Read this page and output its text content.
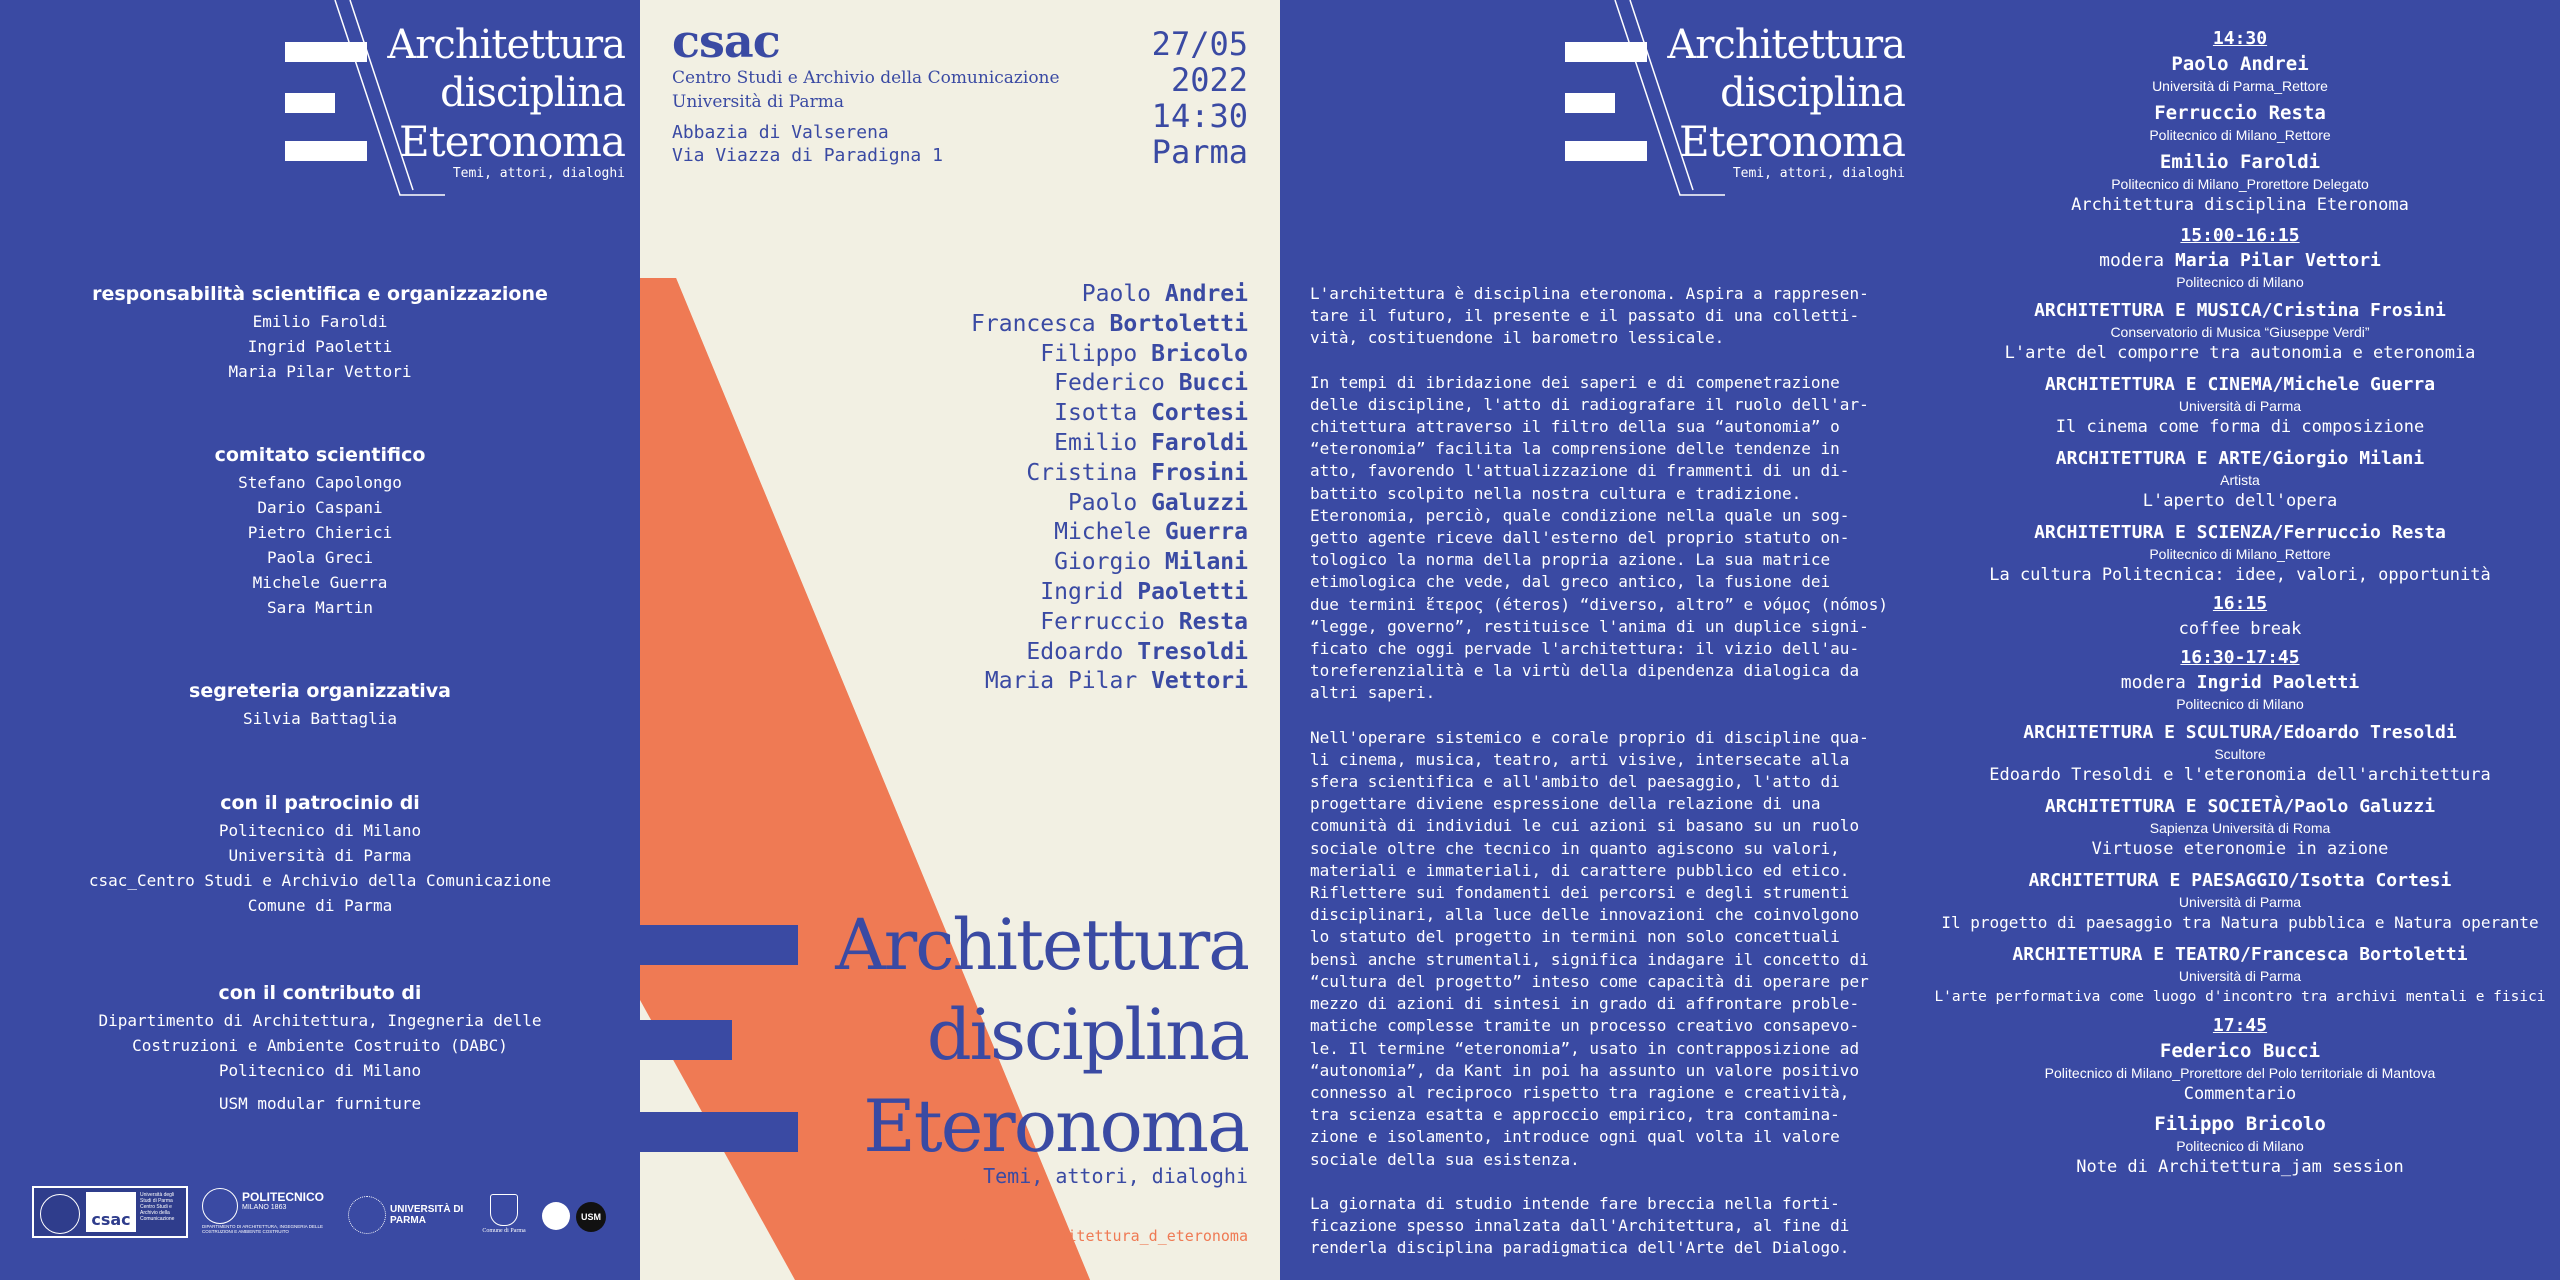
Architettura
disciplina
Eteronoma
Temi, attori, dialoghi
responsabilità scientifica e organizzazione
Emilio Faroldi
Ingrid Paoletti
Maria Pilar Vettori
comitato scientifico
Stefano Capolongo
Dario Caspani
Pietro Chierici
Paola Greci
Michele Guerra
Sara Martin
segreteria organizzativa
Silvia Battaglia
con il patrocinio di
Politecnico di Milano
Università di Parma
csac_Centro Studi e Archivio della Comunicazione
Comune di Parma
con il contributo di
Dipartimento di Architettura, Ingegneria delle
Costruzioni e Ambiente Costruito (DABC)
Politecnico di Milano
USM modular furniture
csac
Università degli Studi di Parma Centro Studi e Archivio della Comunicazione
POLITECNICO
MILANO 1863
DIPARTIMENTO DI ARCHITETTURA, INGEGNERIA DELLE COSTRUZIONI E AMBIENTE COSTRUITO
UNIVERSITÀ DI PARMA
Comune di Parma
USM
csac
Centro Studi e Archivio della Comunicazione
Università di Parma
Abbazia di Valserena
Via Viazza di Paradigna 1
27/05
2022
14:30
Parma
Paolo Andrei
Francesca Bortoletti
Filippo Bricolo
Federico Bucci
Isotta Cortesi
Emilio Faroldi
Cristina Frosini
Paolo Galuzzi
Michele Guerra
Giorgio Milani
Ingrid Paoletti
Ferruccio Resta
Edoardo Tresoldi
Maria Pilar Vettori
Architettura
disciplina
Eteronoma
Temi, attori, dialoghi
instagram: @architettura_d_eteronoma
Architettura
disciplina
Eteronoma
Temi, attori, dialoghi
L'architettura è disciplina eteronoma. Aspira a rappresen-
tare il futuro, il presente e il passato di una colletti-
vità, costituendone il barometro lessicale.
In tempi di ibridazione dei saperi e di compenetrazione
delle discipline, l'atto di radiografare il ruolo dell'ar-
chitettura attraverso il filtro della sua “autonomia” o
“eteronomia” facilita la comprensione delle tendenze in
atto, favorendo l'attualizzazione di frammenti di un di-
battito scolpito nella nostra cultura e tradizione.
Eteronomia, perciò, quale condizione nella quale un sog-
getto agente riceve dall'esterno del proprio statuto on-
tologico la norma della propria azione. La sua matrice
etimologica che vede, dal greco antico, la fusione dei
due termini ἕτερος (éteros) “diverso, altro” e νόμος (nómos)
“legge, governo”, restituisce l'anima di un duplice signi-
ficato che oggi pervade l'architettura: il vizio dell'au-
toreferenzialità e la virtù della dipendenza dialogica da
altri saperi.
Nell'operare sistemico e corale proprio di discipline qua-
li cinema, musica, teatro, arti visive, intersecate alla
sfera scientifica e all'ambito del paesaggio, l'atto di
progettare diviene espressione della relazione di una
comunità di individui le cui azioni si basano su un ruolo
sociale oltre che tecnico in quanto agiscono su valori,
materiali e immateriali, di carattere pubblico ed etico.
Riflettere sui fondamenti dei percorsi e degli strumenti
disciplinari, alla luce delle innovazioni che coinvolgono
lo statuto del progetto in termini non solo concettuali
bensì anche strumentali, significa indagare il concetto di
“cultura del progetto” inteso come capacità di operare per
mezzo di azioni di sintesi in grado di affrontare proble-
matiche complesse tramite un processo creativo consapevo-
le. Il termine “eteronomia”, usato in contrapposizione ad
“autonomia”, da Kant in poi ha assunto un valore positivo
connesso al reciproco rispetto tra ragione e creatività,
tra scienza esatta e approccio empirico, tra contamina-
zione e isolamento, introduce ogni qual volta il valore
sociale della sua esistenza.
La giornata di studio intende fare breccia nella forti-
ficazione spesso innalzata dall'Architettura, al fine di
renderla disciplina paradigmatica dell'Arte del Dialogo.
14:30
Paolo Andrei
Università di Parma_Rettore
Ferruccio Resta
Politecnico di Milano_Rettore
Emilio Faroldi
Politecnico di Milano_Prorettore Delegato
Architettura disciplina Eteronoma
15:00-16:15
modera Maria Pilar Vettori
Politecnico di Milano
ARCHITETTURA E MUSICA/Cristina Frosini
Conservatorio di Musica “Giuseppe Verdi”
L'arte del comporre tra autonomia e eteronomia
ARCHITETTURA E CINEMA/Michele Guerra
Università di Parma
Il cinema come forma di composizione
ARCHITETTURA E ARTE/Giorgio Milani
Artista
L'aperto dell'opera
ARCHITETTURA E SCIENZA/Ferruccio Resta
Politecnico di Milano_Rettore
La cultura Politecnica: idee, valori, opportunità
16:15
coffee break
16:30-17:45
modera Ingrid Paoletti
Politecnico di Milano
ARCHITETTURA E SCULTURA/Edoardo Tresoldi
Scultore
Edoardo Tresoldi e l'eteronomia dell'architettura
ARCHITETTURA E SOCIETÀ/Paolo Galuzzi
Sapienza Università di Roma
Virtuose eteronomie in azione
ARCHITETTURA E PAESAGGIO/Isotta Cortesi
Università di Parma
Il progetto di paesaggio tra Natura pubblica e Natura operante
ARCHITETTURA E TEATRO/Francesca Bortoletti
Università di Parma
L'arte performativa come luogo d'incontro tra archivi mentali e fisici
17:45
Federico Bucci
Politecnico di Milano_Prorettore del Polo territoriale di Mantova
Commentario
Filippo Bricolo
Politecnico di Milano
Note di Architettura_jam session
